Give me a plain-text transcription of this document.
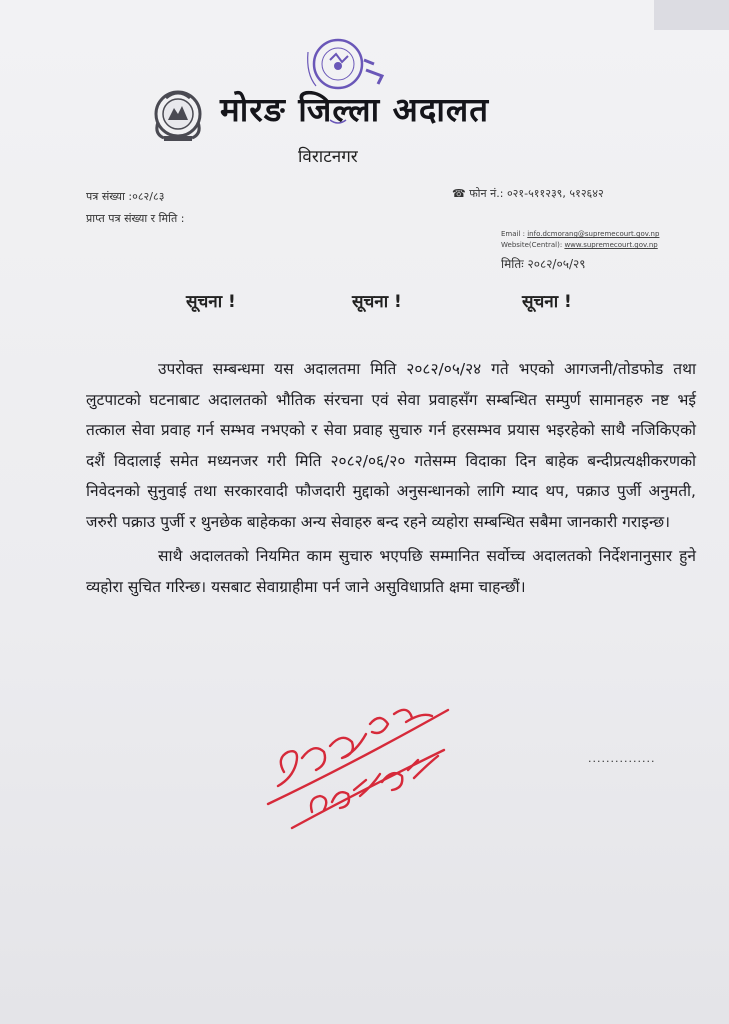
मोरङ जिल्ला अदालत
विराटनगर
पत्र संख्या :०८२/८३
प्राप्त पत्र संख्या र मिति :
☎ फोन नं.: ०२१-५११२३९, ५१२६४२
Email : info.dcmorang@supremecourt.gov.np
Website(Central): www.supremecourt.gov.np
मितिः २०८२/०५/२९
सूचना !	सूचना !	सूचना !

उपरोक्त सम्बन्धमा यस अदालतमा मिति २०८२/०५/२४ गते भएको आगजनी/तोडफोड तथा लुटपाटको घटनाबाट अदालतको भौतिक संरचना एवं सेवा प्रवाहसँग सम्बन्धित सम्पुर्ण सामानहरु नष्ट भई तत्काल सेवा प्रवाह गर्न सम्भव नभएको र सेवा प्रवाह सुचारु गर्न हरसम्भव प्रयास भइरहेको साथै नजिकिएको दशैं विदालाई समेत मध्यनजर गरी मिति २०८२/०६/२० गतेसम्म विदाका दिन बाहेक बन्दीप्रत्यक्षीकरणको निवेदनको सुनुवाई तथा सरकारवादी फौजदारी मुद्दाको अनुसन्धानको लागि म्याद थप, पक्राउ पुर्जी अनुमती, जरुरी पक्राउ पुर्जी र थुनछेक बाहेकका अन्य सेवाहरु बन्द रहने व्यहोरा सम्बन्धित सबैमा जानकारी गराइन्छ।

साथै अदालतको नियमित काम सुचारु भएपछि सम्मानित सर्वोच्च अदालतको निर्देशनानुसार हुने व्यहोरा सुचित गरिन्छ। यसबाट सेवाग्राहीमा पर्न जाने असुविधाप्रति क्षमा चाहन्छौं।

...............
